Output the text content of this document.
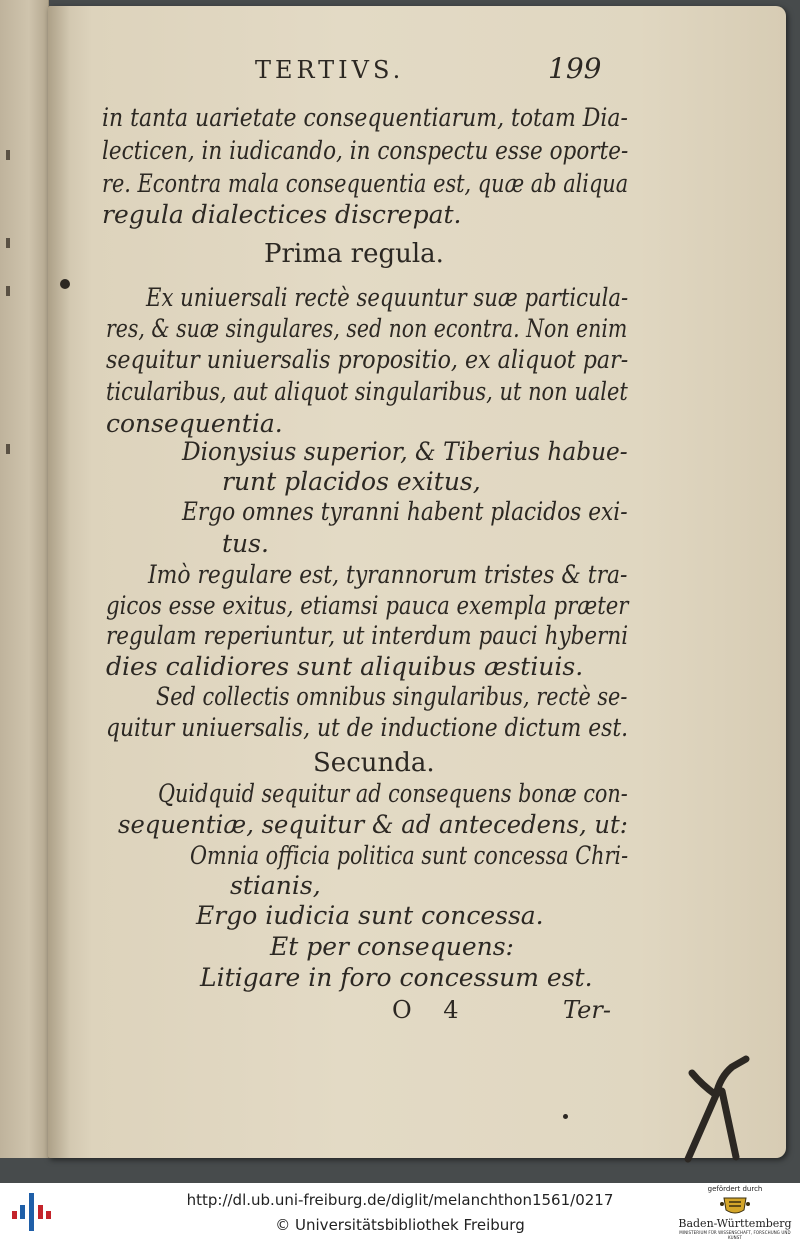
TERTIVS.	199
in tanta uarietate consequentiarum, totam Dia-
lecticen, in iudicando, in conspectu esse oporte-
re. Econtra mala consequentia est, quæ ab aliqua
regula dialectices discrepat.
Prima regula.
Ex uniuersali rectè sequuntur suæ particula-
res, & suæ singulares, sed non econtra. Non enim
sequitur uniuersalis propositio, ex aliquot par-
ticularibus, aut aliquot singularibus, ut non ualet
consequentia.
Dionysius superior, & Tiberius habue-
runt placidos exitus,
Ergo omnes tyranni habent placidos exi-
tus.
Imò regulare est, tyrannorum tristes & tra-
gicos esse exitus, etiamsi pauca exempla præter
regulam reperiuntur, ut interdum pauci hyberni
dies calidiores sunt aliquibus æstiuis.
Sed collectis omnibus singularibus, rectè se-
quitur uniuersalis, ut de inductione dictum est.
Secunda.
Quidquid sequitur ad consequens bonæ con-
sequentiæ, sequitur & ad antecedens, ut:
Omnia officia politica sunt concessa Chri-
stianis,
Ergo iudicia sunt concessa.
Et per consequens:
Litigare in foro concessum est.
O 4	Ter-
http://dl.ub.uni-freiburg.de/diglit/melanchthon1561/0217
© Universitätsbibliothek Freiburg
gefördert durch
Baden-Württemberg
MINISTERIUM FÜR WISSENSCHAFT, FORSCHUNG UND KUNST
